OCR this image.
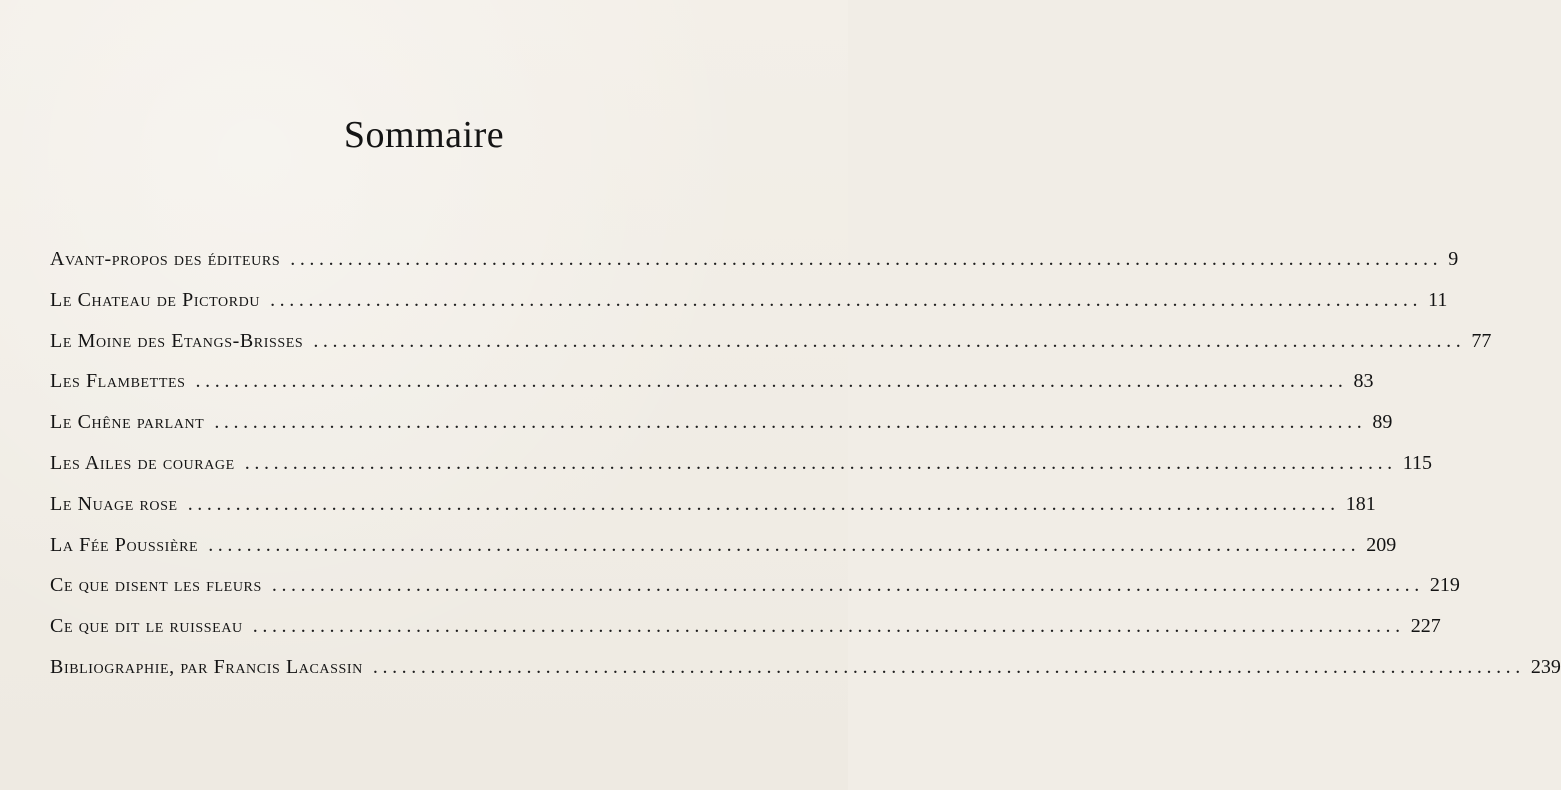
Sommaire
Avant-propos des éditeurs ........................................................................................................................ 9
Le Chateau de Pictordu ........................................................................................................................ 11
Le Moine des Etangs-Brisses ........................................................................................................................ 77
Les Flambettes ........................................................................................................................ 83
Le Chêne parlant ........................................................................................................................ 89
Les Ailes de courage ........................................................................................................................ 115
Le Nuage rose ........................................................................................................................ 181
La Fée Poussière ........................................................................................................................ 209
Ce que disent les fleurs ........................................................................................................................ 219
Ce que dit le ruisseau ........................................................................................................................ 227
Bibliographie, par Francis Lacassin ........................................................................................................................ 239
